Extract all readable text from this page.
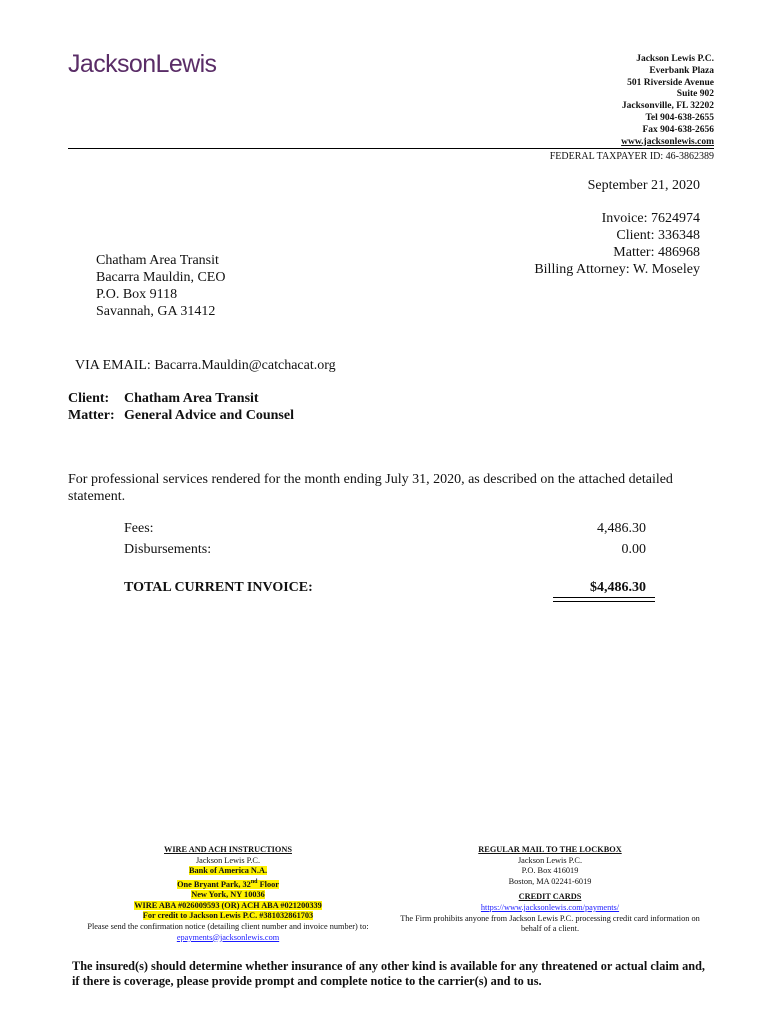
JacksonLewis	Jackson Lewis P.C.
Everbank Plaza
501 Riverside Avenue
Suite 902
Jacksonville, FL 32202
Tel 904-638-2655
Fax 904-638-2656
www.jacksonlewis.com
FEDERAL TAXPAYER ID: 46-3862389
September 21, 2020
Invoice: 7624974
Client: 336348
Matter: 486968
Billing Attorney: W. Moseley
Chatham Area Transit
Bacarra Mauldin, CEO
P.O. Box 9118
Savannah, GA 31412
VIA EMAIL: Bacarra.Mauldin@catchacat.org
Client:	Chatham Area Transit
Matter: General Advice and Counsel
For professional services rendered for the month ending July 31, 2020, as described on the attached detailed statement.
Fees:	4,486.30
Disbursements:	0.00
TOTAL CURRENT INVOICE:	$4,486.30
WIRE AND ACH INSTRUCTIONS
Jackson Lewis P.C.
Bank of America N.A.
One Bryant Park, 32nd Floor
New York, NY 10036
WIRE ABA #026009593 (OR) ACH ABA #021200339
For credit to Jackson Lewis P.C. #381032861703
Please send the confirmation notice (detailing client number and invoice number) to:
epayments@jacksonlewis.com
REGULAR MAIL TO THE LOCKBOX
Jackson Lewis P.C.
P.O. Box 416019
Boston, MA 02241-6019
CREDIT CARDS
https://www.jacksonlewis.com/payments/
The Firm prohibits anyone from Jackson Lewis P.C. processing credit card information on behalf of a client.
The insured(s) should determine whether insurance of any other kind is available for any threatened or actual claim and, if there is coverage, please provide prompt and complete notice to the carrier(s) and to us.
